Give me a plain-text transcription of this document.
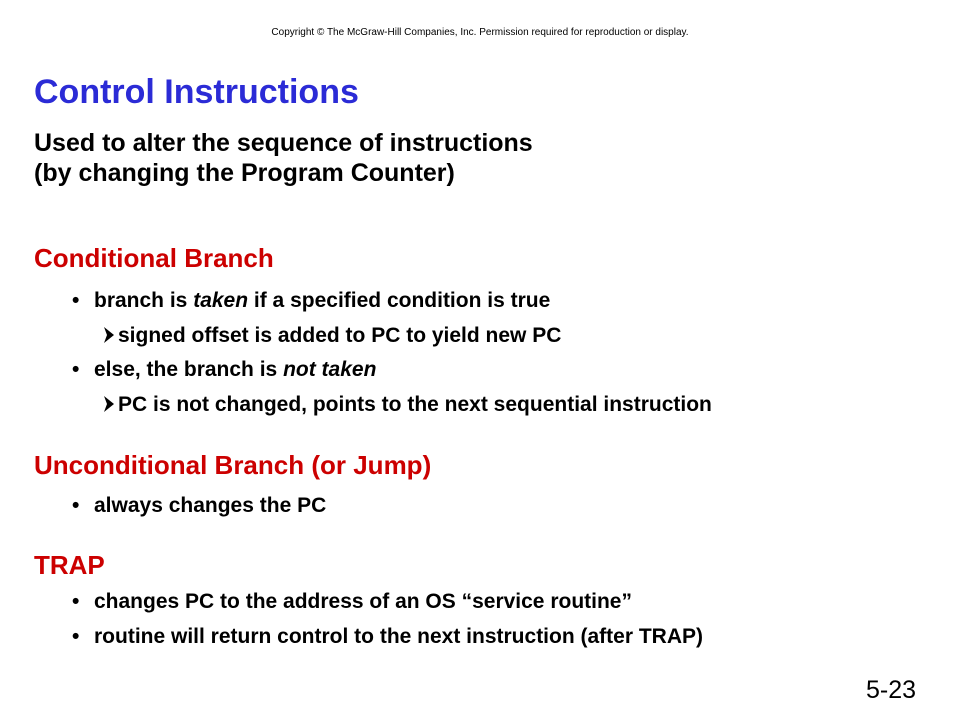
Copyright © The McGraw-Hill Companies, Inc. Permission required for reproduction or display.
Control Instructions
Used to alter the sequence of instructions
(by changing the Program Counter)
Conditional Branch
• branch is taken if a specified condition is true
signed offset is added to PC to yield new PC
• else, the branch is not taken
PC is not changed, points to the next sequential instruction
Unconditional Branch (or Jump)
• always changes the PC
TRAP
• changes PC to the address of an OS “service routine”
• routine will return control to the next instruction (after TRAP)
5-23
